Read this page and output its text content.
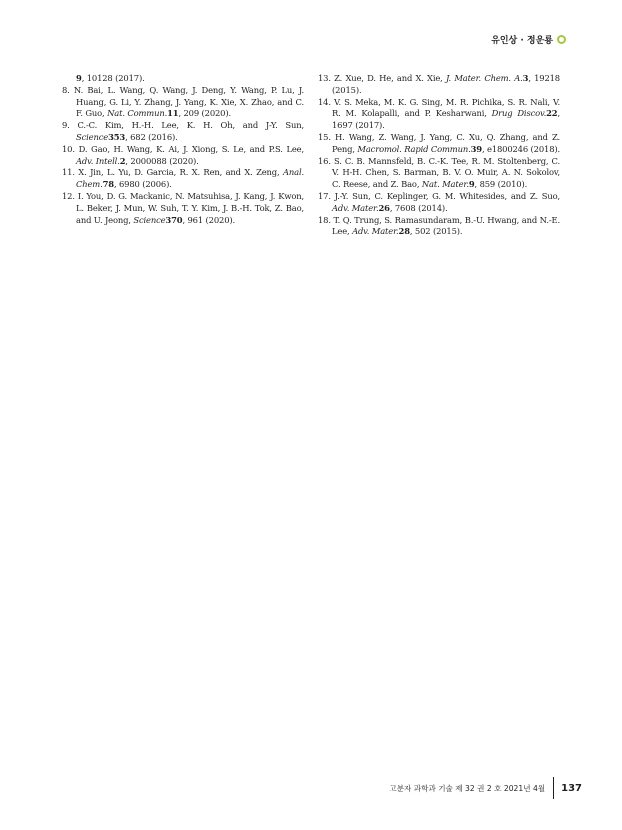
유인상 · 정운룡

9, 10128 (2017).

8. N. Bai, L. Wang, Q. Wang, J. Deng, Y. Wang, P. Lu, J. Huang, G. Li, Y. Zhang, J. Yang, K. Xie, X. Zhao, and C. F. Guo, Nat. Commun.11, 209 (2020).

9. C.-C. Kim, H.-H. Lee, K. H. Oh, and J-Y. Sun, Science353, 682 (2016).

10. D. Gao, H. Wang, K. Ai, J. Xiong, S. Le, and P.S. Lee, Adv. Intell.2, 2000088 (2020).

11. X. Jin, L. Yu, D. Garcia, R. X. Ren, and X. Zeng, Anal. Chem.78, 6980 (2006).

12. I. You, D. G. Mackanic, N. Matsuhisa, J. Kang, J. Kwon, L. Beker, J. Mun, W. Suh, T. Y. Kim, J. B.-H. Tok, Z. Bao, and U. Jeong, Science370, 961 (2020).

13. Z. Xue, D. He, and X. Xie, J. Mater. Chem. A.3, 19218 (2015).

14. V. S. Meka, M. K. G. Sing, M. R. Pichika, S. R. Nali, V. R. M. Kolapalli, and P. Kesharwani, Drug Discov.22, 1697 (2017).

15. H. Wang, Z. Wang, J. Yang, C. Xu, Q. Zhang, and Z. Peng, Macromol. Rapid Commun.39, e1800246 (2018).

16. S. C. B. Mannsfeld, B. C.-K. Tee, R. M. Stoltenberg, C. V. H-H. Chen, S. Barman, B. V. O. Muir, A. N. Sokolov, C. Reese, and Z. Bao, Nat. Mater.9, 859 (2010).

17. J.-Y. Sun, C. Keplinger, G. M. Whitesides, and Z. Suo, Adv. Mater.26, 7608 (2014).

18. T. Q. Trung, S. Ramasundaram, B.-U. Hwang, and N.-E. Lee, Adv. Mater.28, 502 (2015).

고분자 과학과 기술 제 32 권 2 호 2021년 4월 137
